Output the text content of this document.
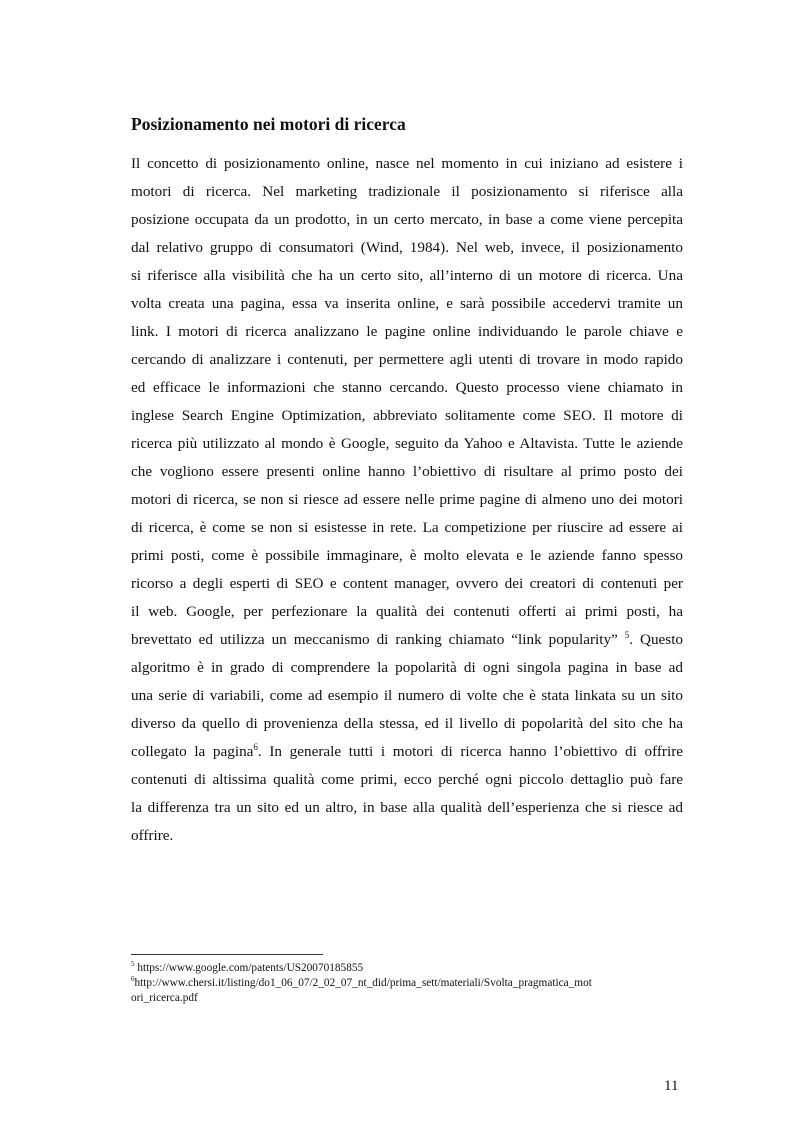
Posizionamento nei motori di ricerca
Il concetto di posizionamento online, nasce nel momento in cui iniziano ad esistere i
motori di ricerca. Nel marketing tradizionale il posizionamento si riferisce alla
posizione occupata da un prodotto, in un certo mercato, in base a come viene percepita
dal relativo gruppo di consumatori (Wind, 1984). Nel web, invece, il posizionamento
si riferisce alla visibilità che ha un certo sito, all’interno di un motore di ricerca. Una
volta creata una pagina, essa va inserita online, e sarà possibile accedervi tramite un
link. I motori di ricerca analizzano le pagine online individuando le parole chiave e
cercando di analizzare i contenuti, per permettere agli utenti di trovare in modo rapido
ed efficace le informazioni che stanno cercando. Questo processo viene chiamato in
inglese Search Engine Optimization, abbreviato solitamente come SEO. Il motore di
ricerca più utilizzato al mondo è Google, seguito da Yahoo e Altavista. Tutte le aziende
che vogliono essere presenti online hanno l’obiettivo di risultare al primo posto dei
motori di ricerca, se non si riesce ad essere nelle prime pagine di almeno uno dei motori
di ricerca, è come se non si esistesse in rete. La competizione per riuscire ad essere ai
primi posti, come è possibile immaginare, è molto elevata e le aziende fanno spesso
ricorso a degli esperti di SEO e content manager, ovvero dei creatori di contenuti per
il web. Google, per perfezionare la qualità dei contenuti offerti ai primi posti, ha
brevettato ed utilizza un meccanismo di ranking chiamato “link popularity” $^5$. Questo
algoritmo è in grado di comprendere la popolarità di ogni singola pagina in base ad
una serie di variabili, come ad esempio il numero di volte che è stata linkata su un sito
diverso da quello di provenienza della stessa, ed il livello di popolarità del sito che ha
collegato la pagina$^6$. In generale tutti i motori di ricerca hanno l’obiettivo di offrire
contenuti di altissima qualità come primi, ecco perché ogni piccolo dettaglio può fare
la differenza tra un sito ed un altro, in base alla qualità dell’esperienza che si riesce ad
offrire.
$^5$ https://www.google.com/patents/US20070185855
$^6$http://www.chersi.it/listing/do1_06_07/2_02_07_nt_did/prima_sett/materiali/Svolta_pragmatica_mot
ori_ricerca.pdf
11
